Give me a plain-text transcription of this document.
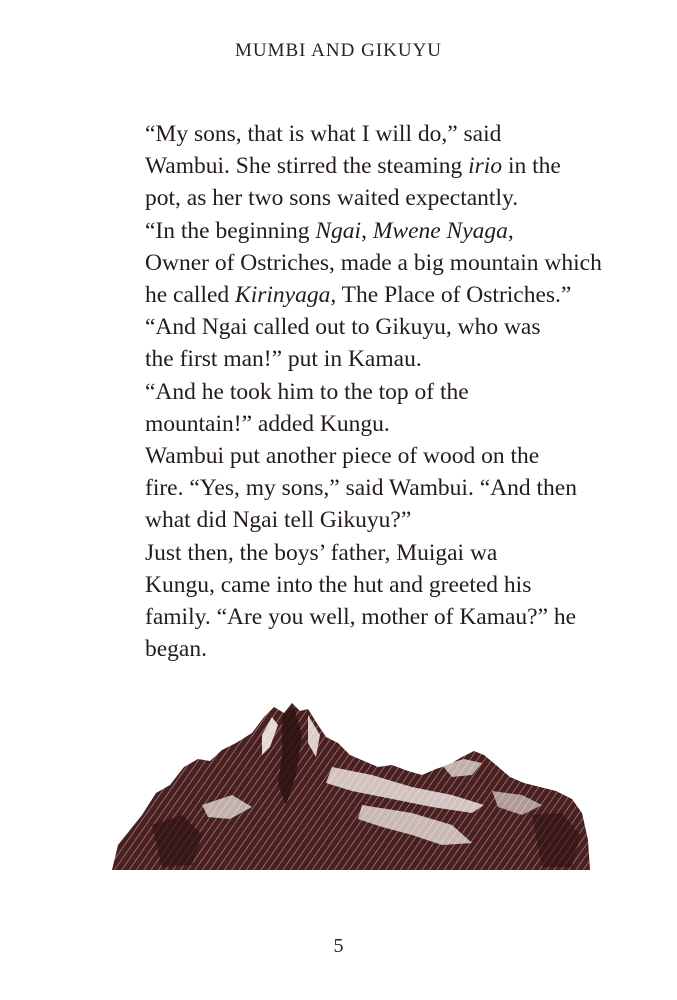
MUMBI AND GIKUYU

“My sons, that is what I will do,” said
Wambui. She stirred the steaming irio in the
pot, as her two sons waited expectantly.

“In the beginning Ngai, Mwene Nyaga,
Owner of Ostriches, made a big mountain which
he called Kirinyaga, The Place of Ostriches.”

“And Ngai called out to Gikuyu, who was
the first man!” put in Kamau.

“And he took him to the top of the
mountain!” added Kungu.

Wambui put another piece of wood on the
fire. “Yes, my sons,” said Wambui. “And then
what did Ngai tell Gikuyu?”

Just then, the boys’ father, Muigai wa
Kungu, came into the hut and greeted his
family. “Are you well, mother of Kamau?” he
began.

5
